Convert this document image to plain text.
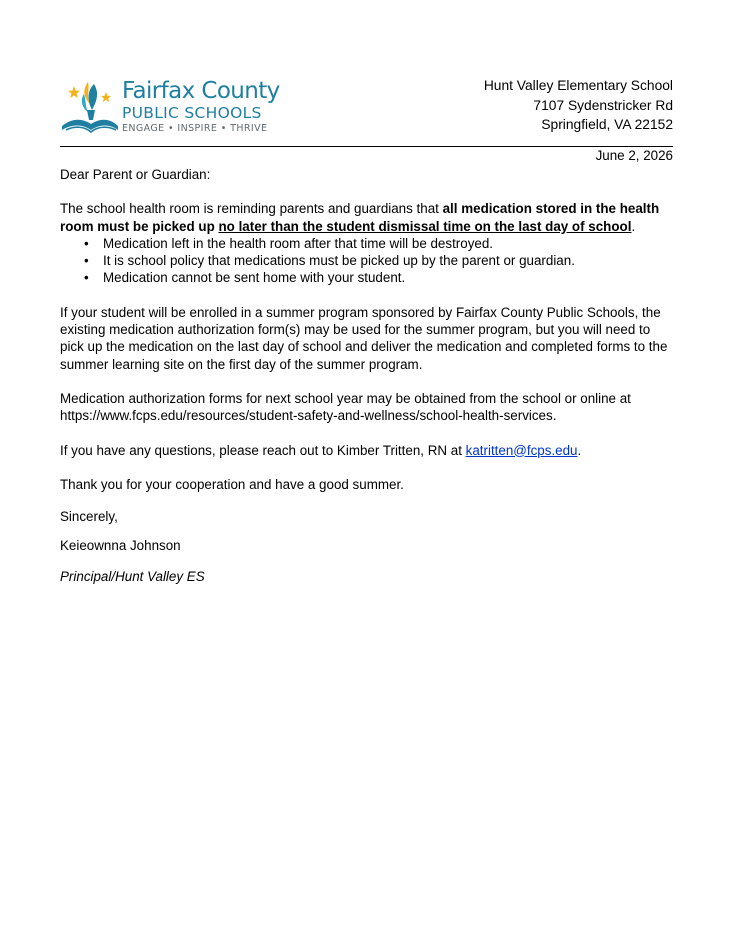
Fairfax County
PUBLIC SCHOOLS
ENGAGE • INSPIRE • THRIVE
Hunt Valley Elementary School
7107 Sydenstricker Rd
Springfield, VA 22152
June 2, 2026

Dear Parent or Guardian:

The school health room is reminding parents and guardians that all medication stored in the health room must be picked up no later than the student dismissal time on the last day of school.

• Medication left in the health room after that time will be destroyed.
• It is school policy that medications must be picked up by the parent or guardian.
• Medication cannot be sent home with your student.

If your student will be enrolled in a summer program sponsored by Fairfax County Public Schools, the existing medication authorization form(s) may be used for the summer program, but you will need to pick up the medication on the last day of school and deliver the medication and completed forms to the summer learning site on the first day of the summer program.

Medication authorization forms for next school year may be obtained from the school or online at https://www.fcps.edu/resources/student-safety-and-wellness/school-health-services.

If you have any questions, please reach out to Kimber Tritten, RN at katritten@fcps.edu.

Thank you for your cooperation and have a good summer.

Sincerely,

Keieownna Johnson

Principal/Hunt Valley ES
